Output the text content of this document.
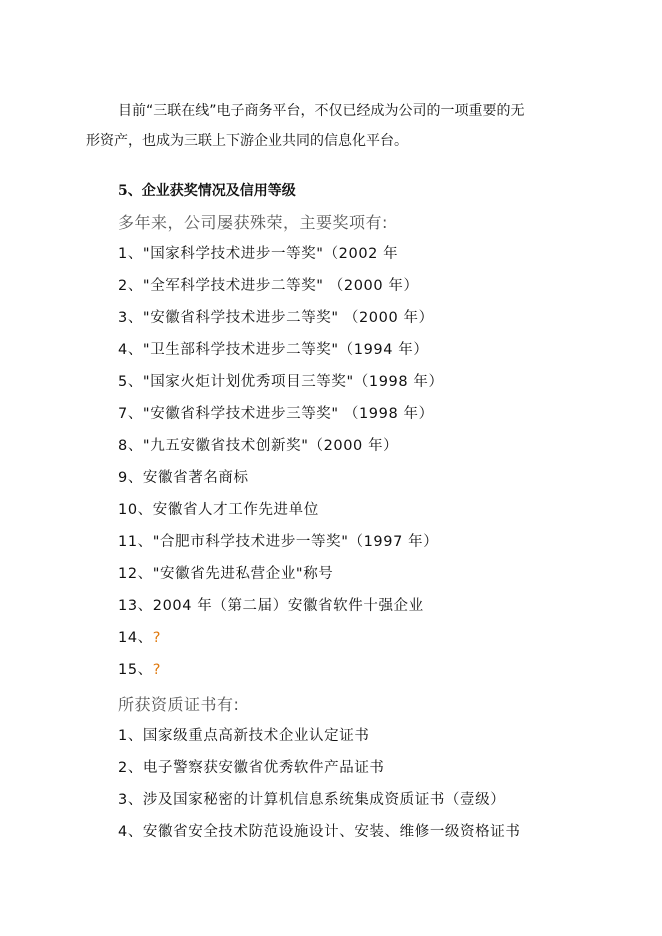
目前“三联在线”电子商务平台，不仅已经成为公司的一项重要的无
形资产，也成为三联上下游企业共同的信息化平台。

5、企业获奖情况及信用等级

多年来，公司屡获殊荣，主要奖项有:

1、"国家科学技术进步一等奖"（2002 年
2、"全军科学技术进步二等奖" （2000 年）
3、"安徽省科学技术进步二等奖" （2000 年）
4、"卫生部科学技术进步二等奖"（1994 年）
5、"国家火炬计划优秀项目三等奖"（1998 年）
7、"安徽省科学技术进步三等奖" （1998 年）
8、"九五安徽省技术创新奖"（2000 年）
9、安徽省著名商标
10、安徽省人才工作先进单位
11、"合肥市科学技术进步一等奖"（1997 年）
12、"安徽省先进私营企业"称号
13、2004 年（第二届）安徽省软件十强企业
14、?
15、?

所获资质证书有:

1、国家级重点高新技术企业认定证书
2、电子警察获安徽省优秀软件产品证书
3、涉及国家秘密的计算机信息系统集成资质证书（壹级）
4、安徽省安全技术防范设施设计、安装、维修一级资格证书
